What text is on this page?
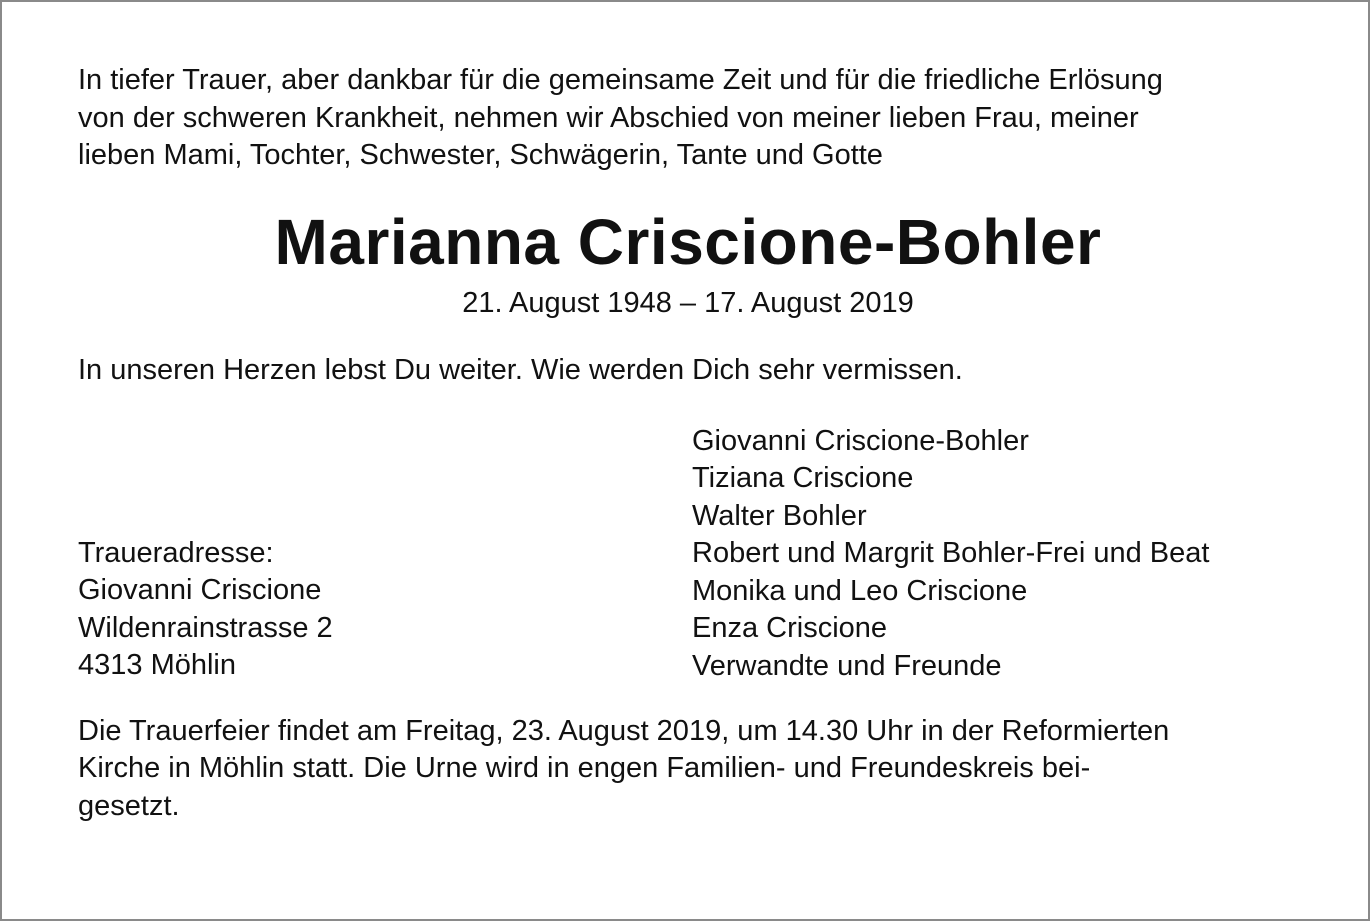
In tiefer Trauer, aber dankbar für die gemeinsame Zeit und für die friedliche Erlösung

von der schweren Krankheit, nehmen wir Abschied von meiner lieben Frau, meiner

lieben Mami, Tochter, Schwester, Schwägerin, Tante und Gotte

Marianna Criscione-Bohler

21. August 1948 – 17. August 2019

In unseren Herzen lebst Du weiter. Wie werden Dich sehr vermissen.

Giovanni Criscione-Bohler
Tiziana Criscione
Walter Bohler
Robert und Margrit Bohler-Frei und Beat
Monika und Leo Criscione
Enza Criscione
Verwandte und Freunde
Traueradresse:
Giovanni Criscione
Wildenrainstrasse 2
4313 Möhlin

Die Trauerfeier findet am Freitag, 23. August 2019, um 14.30 Uhr in der Reformierten

Kirche in Möhlin statt. Die Urne wird in engen Familien- und Freundeskreis bei-

gesetzt.
